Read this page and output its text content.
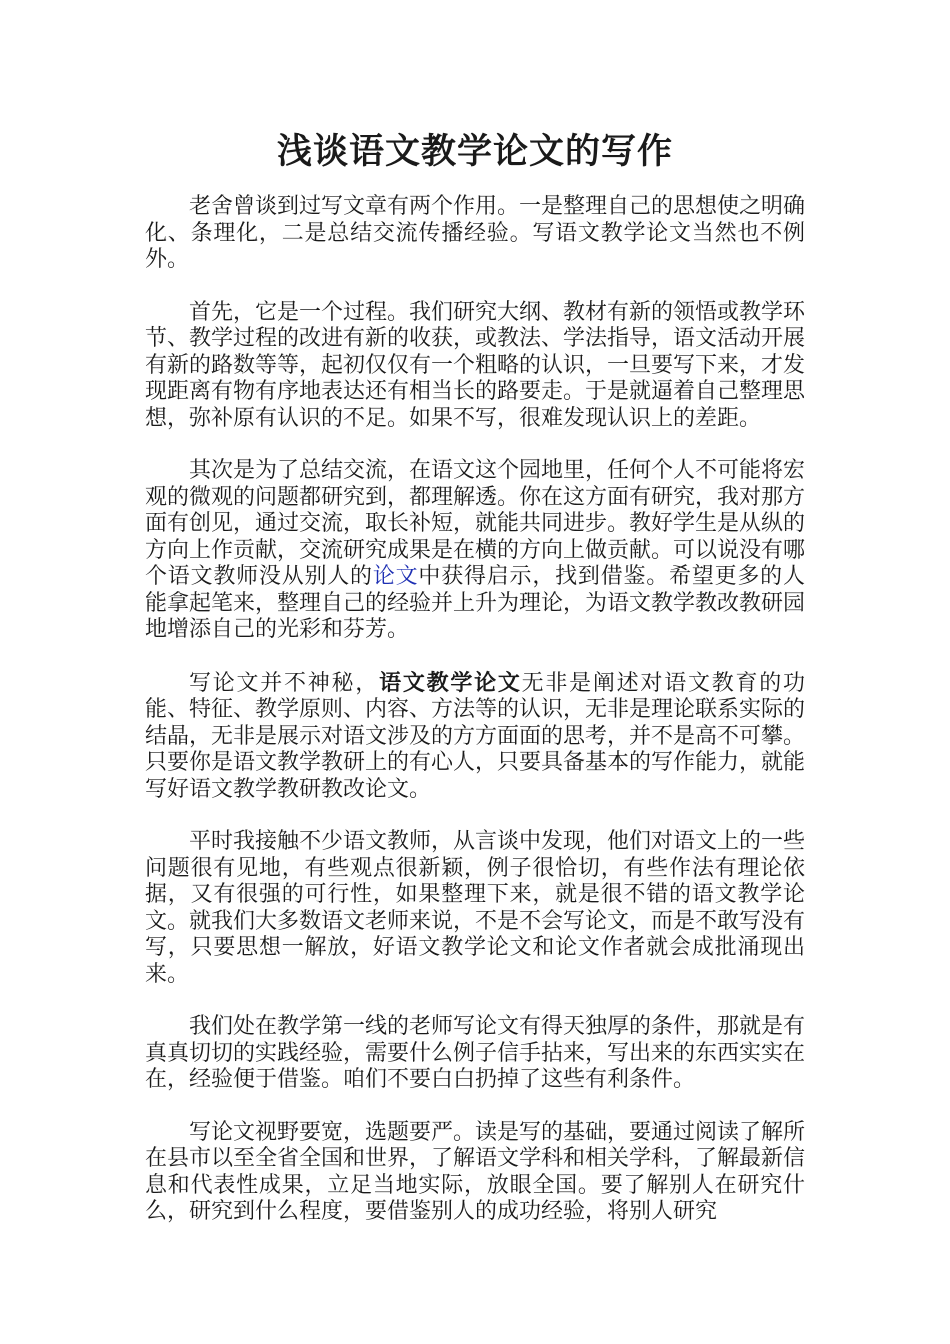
浅谈语文教学论文的写作

老舍曾谈到过写文章有两个作用。一是整理自己的思想使之明确化、条理化，二是总结交流传播经验。写语文教学论文当然也不例外。

首先，它是一个过程。我们研究大纲、教材有新的领悟或教学环节、教学过程的改进有新的收获，或教法、学法指导，语文活动开展有新的路数等等，起初仅仅有一个粗略的认识，一旦要写下来，才发现距离有物有序地表达还有相当长的路要走。于是就逼着自己整理思想，弥补原有认识的不足。如果不写，很难发现认识上的差距。

其次是为了总结交流，在语文这个园地里，任何个人不可能将宏观的微观的问题都研究到，都理解透。你在这方面有研究，我对那方面有创见，通过交流，取长补短，就能共同进步。教好学生是从纵的方向上作贡献，交流研究成果是在横的方向上做贡献。可以说没有哪个语文教师没从别人的论文中获得启示，找到借鉴。希望更多的人能拿起笔来，整理自己的经验并上升为理论，为语文教学教改教研园地增添自己的光彩和芬芳。

写论文并不神秘，语文教学论文无非是阐述对语文教育的功能、特征、教学原则、内容、方法等的认识，无非是理论联系实际的结晶，无非是展示对语文涉及的方方面面的思考，并不是高不可攀。只要你是语文教学教研上的有心人，只要具备基本的写作能力，就能写好语文教学教研教改论文。

平时我接触不少语文教师，从言谈中发现，他们对语文上的一些问题很有见地，有些观点很新颖，例子很恰切，有些作法有理论依据，又有很强的可行性，如果整理下来，就是很不错的语文教学论文。就我们大多数语文老师来说，不是不会写论文，而是不敢写没有写，只要思想一解放，好语文教学论文和论文作者就会成批涌现出来。

我们处在教学第一线的老师写论文有得天独厚的条件，那就是有真真切切的实践经验，需要什么例子信手拈来，写出来的东西实实在在，经验便于借鉴。咱们不要白白扔掉了这些有利条件。

写论文视野要宽，选题要严。读是写的基础，要通过阅读了解所在县市以至全省全国和世界，了解语文学科和相关学科，了解最新信息和代表性成果，立足当地实际，放眼全国。要了解别人在研究什么，研究到什么程度，要借鉴别人的成功经验，将别人研究
